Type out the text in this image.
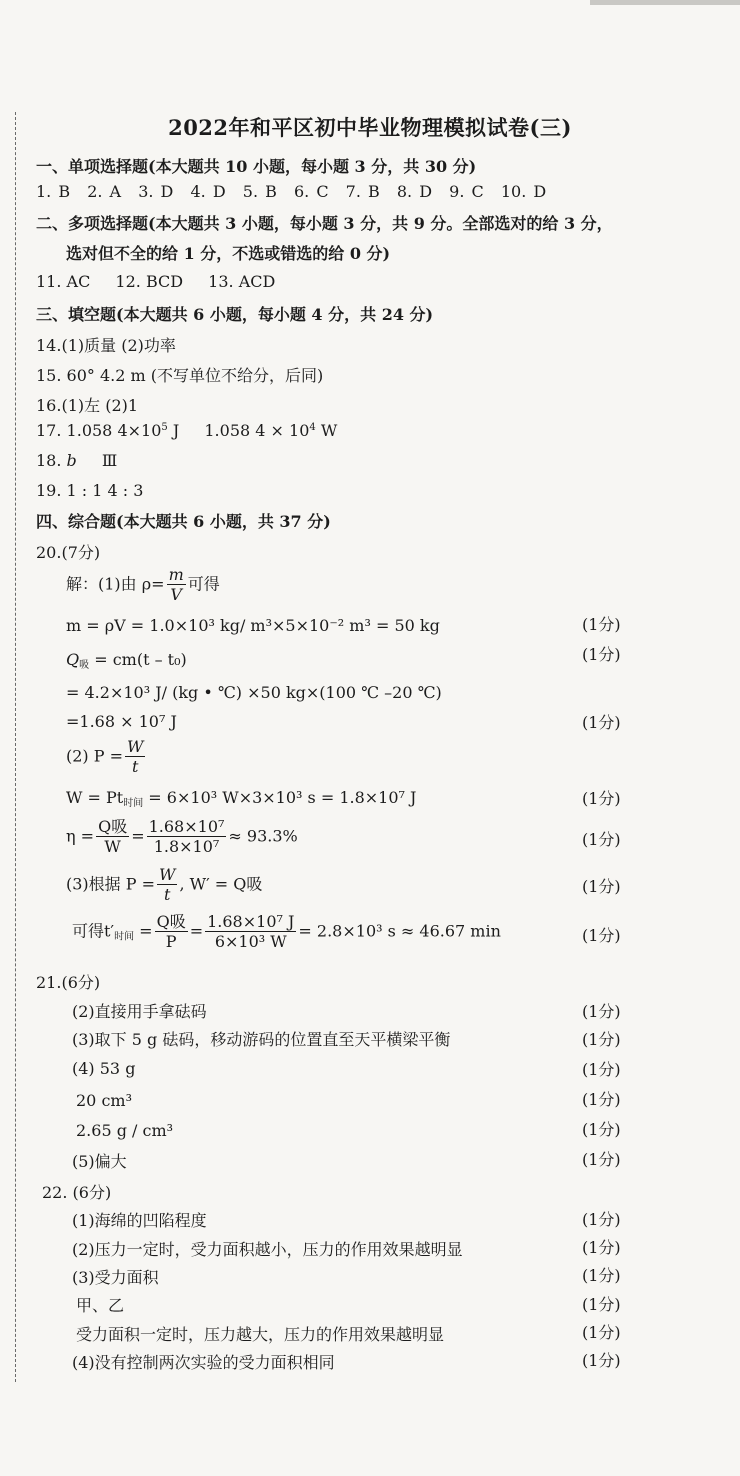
2022年和平区初中毕业物理模拟试卷(三)
一、单项选择题(本大题共 10 小题，每小题 3 分，共 30 分)
1. B 2. A 3. D 4. D 5. B 6. C 7. B 8. D 9. C 10. D
二、多项选择题(本大题共 3 小题，每小题 3 分，共 9 分。全部选对的给 3 分，
选对但不全的给 1 分，不选或错选的给 0 分)
11. AC 12. BCD 13. ACD
三、填空题(本大题共 6 小题，每小题 4 分，共 24 分)
14.(1)质量 (2)功率
15. 60° 4.2 m (不写单位不给分，后同)
16.(1)左 (2)1
17. 1.058 $4\times 10^5$ J 1.058 $4 \times 10^4$ W
18. b Ⅲ
19. 1 : 1 4 : 3
四、综合题(本大题共 6 小题，共 37 分)
20.(7分)
解：(1)由 $\rho= \frac{m}{V}$ 可得
m = ρV = 1.0×10³ kg/ m³×5×10⁻² m³ = 50 kg	(1分)
$Q_吸 = cm(t - t_0)$	(1分)
= 4.2×10³ J/ (kg • ℃) ×50 kg×(100 ℃ –20 ℃)
=1.68 × 10⁷ J	(1分)
(2) $P = \frac{W}{t}$
$W = Pt_{时间} = 6\times 10^3$ W×3×10³ s = 1.8×10⁷ J	(1分)
$\eta = \frac{\text{Q吸}}{W} = \frac{\text{1.68×10⁷}}{\text{1.8×10⁷}} \approx 93.3\%$	(1分)
(3)根据 $P = \frac{W}{t}$ , W′ = Q吸	(1分)
可得$t'_{时间} = \frac{\text{Q吸}}{P} = \frac{\text{1.68×10⁷ J}}{\text{6×10³ W}} = 2.8\times 10^3$ s ≈ 46.67 min	(1分)
21.(6分)
(2)直接用手拿砝码	(1分)
(3)取下 5 g 砝码，移动游码的位置直至天平横梁平衡	(1分)
(4) 53 g	(1分)
20 cm³	(1分)
2.65 g / cm³	(1分)
(5)偏大	(1分)
22. (6分)
(1)海绵的凹陷程度	(1分)
(2)压力一定时，受力面积越小，压力的作用效果越明显	(1分)
(3)受力面积	(1分)
甲、乙	(1分)
受力面积一定时，压力越大，压力的作用效果越明显	(1分)
(4)没有控制两次实验的受力面积相同	(1分)
